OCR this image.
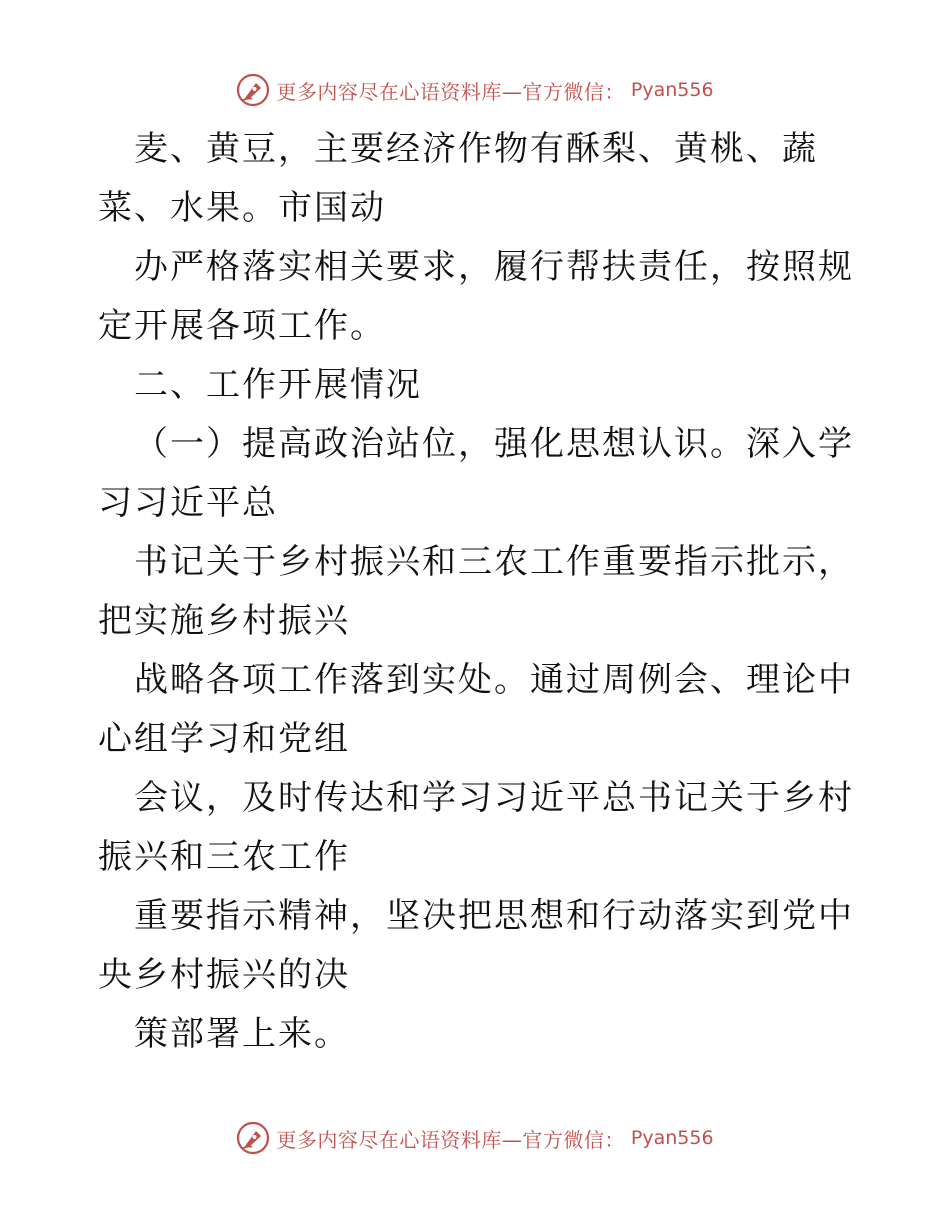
更多内容尽在心语资料库—官方微信： Pyan556

麦、黄豆，主要经济作物有酥梨、黄桃、蔬菜、水果。市国动

办严格落实相关要求，履行帮扶责任，按照规定开展各项工作。

二、工作开展情况

（一）提高政治站位，强化思想认识。深入学习习近平总

书记关于乡村振兴和三农工作重要指示批示，把实施乡村振兴

战略各项工作落到实处。通过周例会、理论中心组学习和党组

会议，及时传达和学习习近平总书记关于乡村振兴和三农工作

重要指示精神，坚决把思想和行动落实到党中央乡村振兴的决

策部署上来。

更多内容尽在心语资料库—官方微信： Pyan556
